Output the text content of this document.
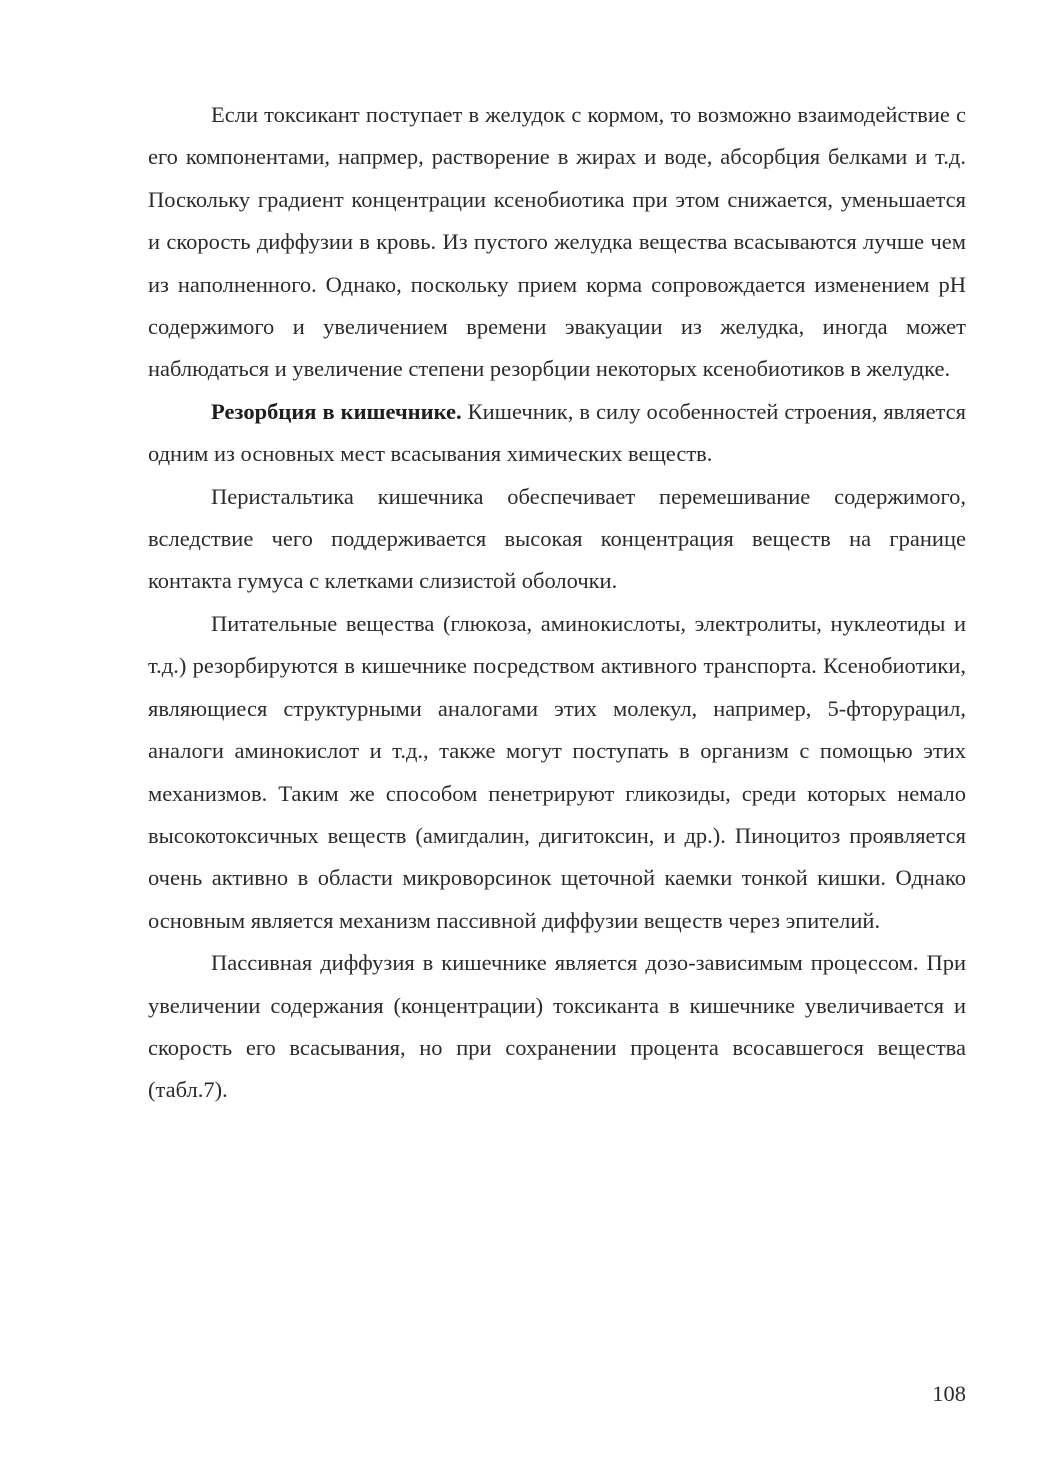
Если токсикант поступает в желудок с кормом, то возможно взаимодействие с его компонентами, напрмер, растворение в жирах и воде, абсорбция белками и т.д. Поскольку градиент концентрации ксенобиотика при этом снижается, уменьшается и скорость диффузии в кровь. Из пустого желудка вещества всасываются лучше чем из наполненного. Однако, поскольку прием корма сопровождается изменением pH содержимого и увеличением времени эвакуации из желудка, иногда может наблюдаться и увеличение степени резорбции некоторых ксенобиотиков в желудке.

Резорбция в кишечнике. Кишечник, в силу особенностей строения, является одним из основных мест всасывания химических веществ.

Перистальтика кишечника обеспечивает перемешивание содержимого, вследствие чего поддерживается высокая концентрация веществ на границе контакта гумуса с клетками слизистой оболочки.

Питательные вещества (глюкоза, аминокислоты, электролиты, нуклеотиды и т.д.) резорбируются в кишечнике посредством активного транспорта. Ксенобиотики, являющиеся структурными аналогами этих молекул, например, 5-фторурацил, аналоги аминокислот и т.д., также могут поступать в организм с помощью этих механизмов. Таким же способом пенетрируют гликозиды, среди которых немало высокотоксичных веществ (амигдалин, дигитоксин, и др.). Пиноцитоз проявляется очень активно в области микроворсинок щеточной каемки тонкой кишки. Однако основным является механизм пассивной диффузии веществ через эпителий.

Пассивная диффузия в кишечнике является дозо-зависимым процессом. При увеличении содержания (концентрации) токсиканта в кишечнике увеличивается и скорость его всасывания, но при сохранении процента всосавшегося вещества (табл.7).

108
